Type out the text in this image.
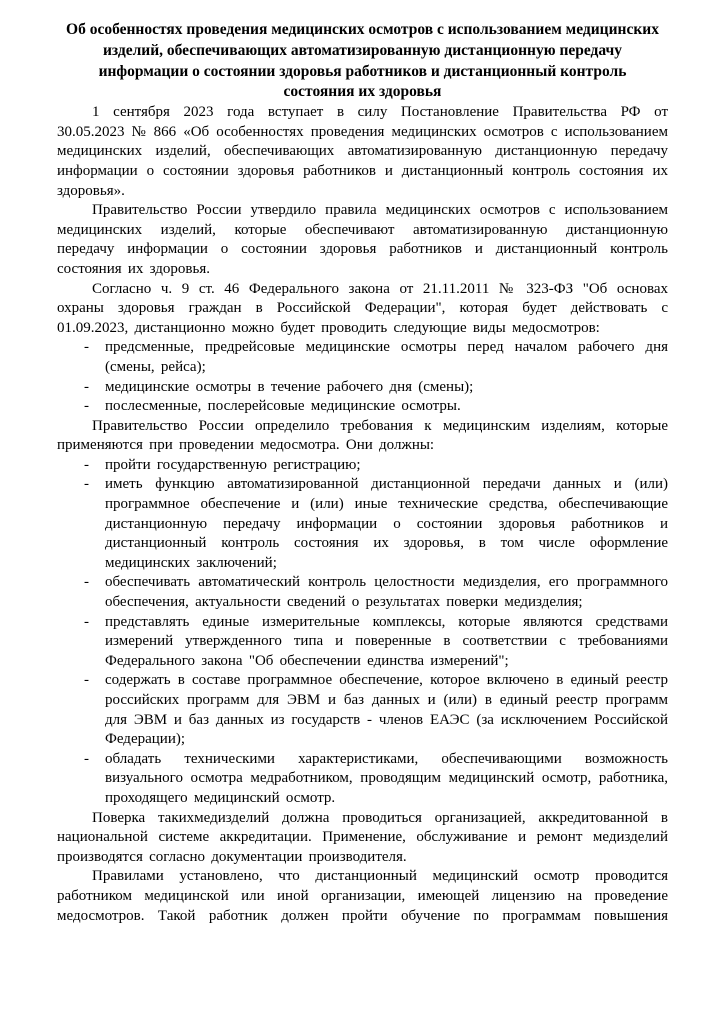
Об особенностях проведения медицинских осмотров с использованием медицинских
изделий, обеспечивающих автоматизированную дистанционную передачу
информации о состоянии здоровья работников и дистанционный контроль
состояния их здоровья

1 сентября 2023 года вступает в силу Постановление Правительства РФ от 30.05.2023 № 866 «Об особенностях проведения медицинских осмотров с использованием медицинских изделий, обеспечивающих автоматизированную дистанционную передачу информации о состоянии здоровья работников и дистанционный контроль состояния их здоровья».

Правительство России утвердило правила медицинских осмотров с использованием медицинских изделий, которые обеспечивают автоматизированную дистанционную передачу информации о состоянии здоровья работников и дистанционный контроль состояния их здоровья.

Согласно ч. 9 ст. 46 Федерального закона от 21.11.2011 № 323-ФЗ "Об основах охраны здоровья граждан в Российской Федерации", которая будет действовать с 01.09.2023, дистанционно можно будет проводить следующие виды медосмотров:

- предсменные, предрейсовые медицинские осмотры перед началом рабочего дня (смены, рейса);
- медицинские осмотры в течение рабочего дня (смены);
- послесменные, послерейсовые медицинские осмотры.

Правительство России определило требования к медицинским изделиям, которые применяются при проведении медосмотра. Они должны:

- пройти государственную регистрацию;
- иметь функцию автоматизированной дистанционной передачи данных и (или) программное обеспечение и (или) иные технические средства, обеспечивающие дистанционную передачу информации о состоянии здоровья работников и дистанционный контроль состояния их здоровья, в том числе оформление медицинских заключений;
- обеспечивать автоматический контроль целостности медизделия, его программного обеспечения, актуальности сведений о результатах поверки медизделия;
- представлять единые измерительные комплексы, которые являются средствами измерений утвержденного типа и поверенные в соответствии с требованиями Федерального закона "Об обеспечении единства измерений";
- содержать в составе программное обеспечение, которое включено в единый реестр российских программ для ЭВМ и баз данных и (или) в единый реестр программ для ЭВМ и баз данных из государств - членов ЕАЭС (за исключением Российской Федерации);
- обладать техническими характеристиками, обеспечивающими возможность визуального осмотра медработником, проводящим медицинский осмотр, работника, проходящего медицинский осмотр.

Поверка такихмедизделий должна проводиться организацией, аккредитованной в национальной системе аккредитации. Применение, обслуживание и ремонт медизделий производятся согласно документации производителя.

Правилами установлено, что дистанционный медицинский осмотр проводится работником медицинской или иной организации, имеющей лицензию на проведение медосмотров. Такой работник должен пройти обучение по программам повышения
